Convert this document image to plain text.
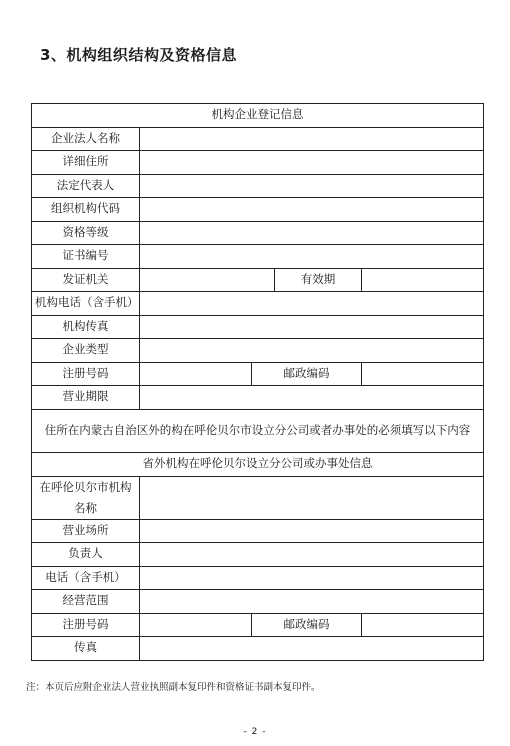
3、机构组织结构及资格信息
机构企业登记信息				
企业法人名称				
详细住所				
法定代表人				
组织机构代码				
资格等级				
证书编号				
发证机关			有效期	
机构电话（含手机）				
机构传真				
企业类型				
注册号码		邮政编码		
营业期限				
住所在内蒙古自治区外的构在呼伦贝尔市设立分公司或者办事处的必须填写以下内容				
省外机构在呼伦贝尔设立分公司或办事处信息				
在呼伦贝尔市机构名称				
营业场所				
负责人				
电话（含手机）				
经营范围				
注册号码		邮政编码		
传真				
注：本页后应附企业法人营业执照副本复印件和资格证书副本复印件。
- 2 -
